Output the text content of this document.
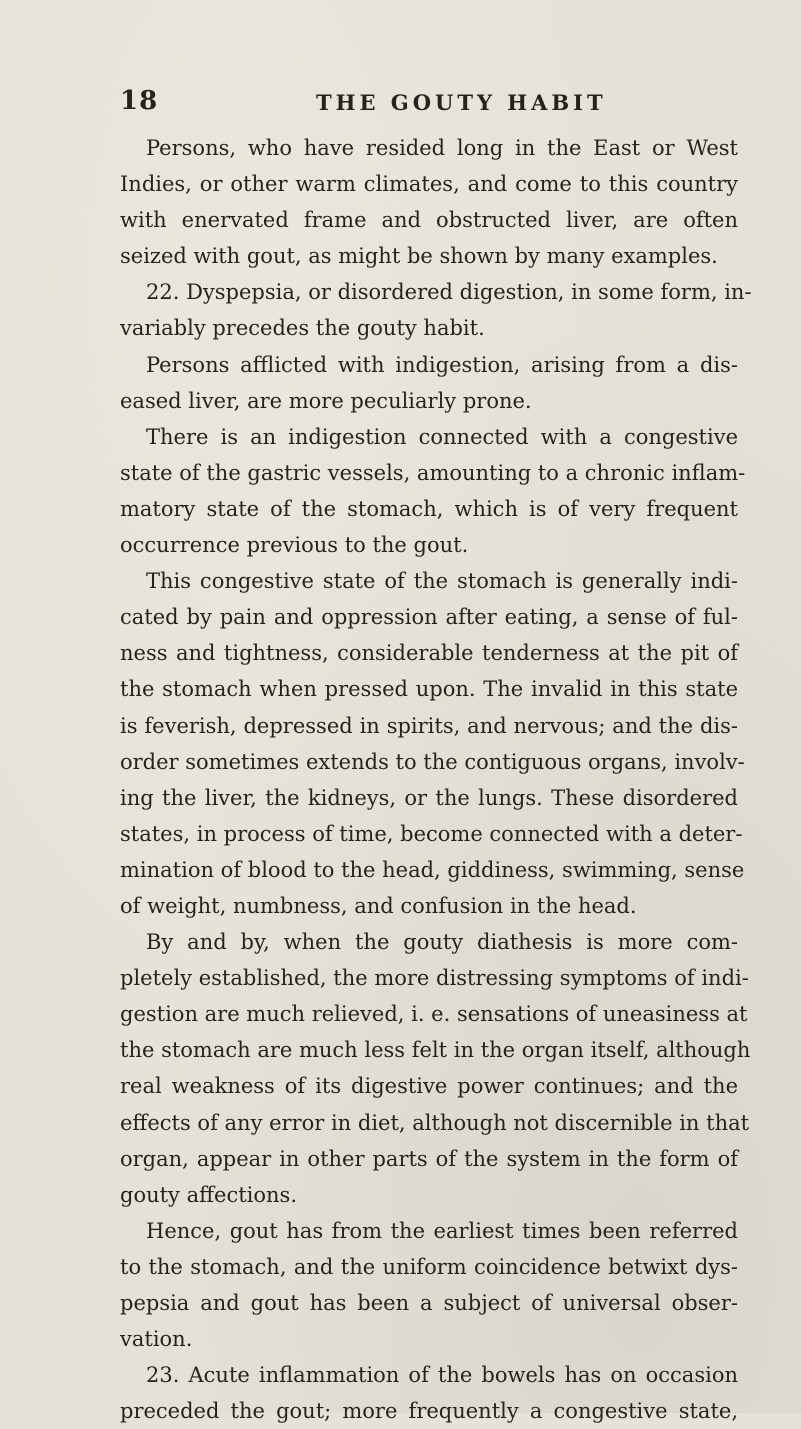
18	THE GOUTY HABIT
Persons, who have resided long in the East or West
Indies, or other warm climates, and come to this country
with enervated frame and obstructed liver, are often
seized with gout, as might be shown by many examples.
22. Dyspepsia, or disordered digestion, in some form, in-
variably precedes the gouty habit.
Persons afflicted with indigestion, arising from a dis-
eased liver, are more peculiarly prone.
There is an indigestion connected with a congestive
state of the gastric vessels, amounting to a chronic inflam-
matory state of the stomach, which is of very frequent
occurrence previous to the gout.
This congestive state of the stomach is generally indi-
cated by pain and oppression after eating, a sense of ful-
ness and tightness, considerable tenderness at the pit of
the stomach when pressed upon. The invalid in this state
is feverish, depressed in spirits, and nervous; and the dis-
order sometimes extends to the contiguous organs, involv-
ing the liver, the kidneys, or the lungs. These disordered
states, in process of time, become connected with a deter-
mination of blood to the head, giddiness, swimming, sense
of weight, numbness, and confusion in the head.
By and by, when the gouty diathesis is more com-
pletely established, the more distressing symptoms of indi-
gestion are much relieved, i. e. sensations of uneasiness at
the stomach are much less felt in the organ itself, although
real weakness of its digestive power continues; and the
effects of any error in diet, although not discernible in that
organ, appear in other parts of the system in the form of
gouty affections.
Hence, gout has from the earliest times been referred
to the stomach, and the uniform coincidence betwixt dys-
pepsia and gout has been a subject of universal obser-
vation.
23. Acute inflammation of the bowels has on occasion
preceded the gout; more frequently a congestive state,
